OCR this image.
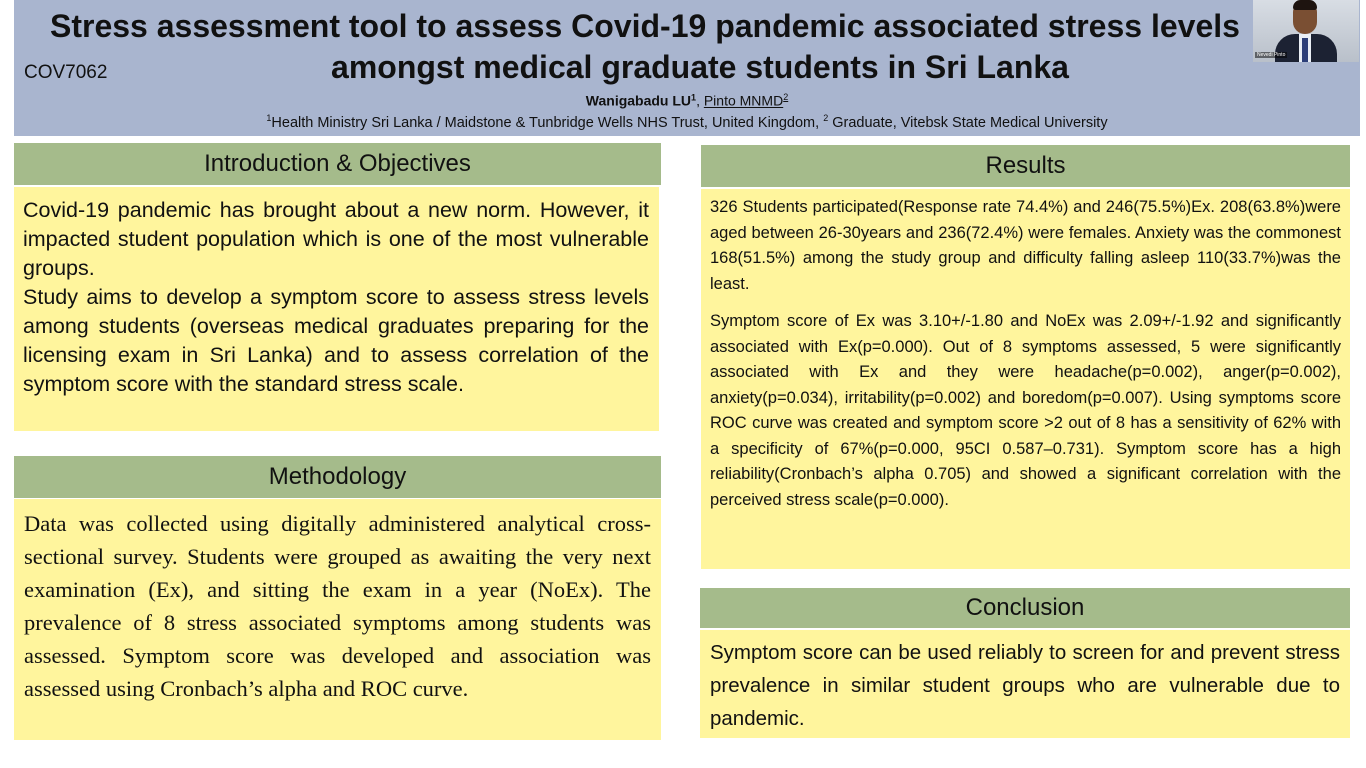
COV7062
Stress assessment tool to assess Covid-19 pandemic associated stress levels
amongst medical graduate students in Sri Lanka
Wanigabadu $LU^1$, Pinto MNMD$^2$
$^1$Health Ministry Sri Lanka / Maidstone & Tunbridge Wells NHS Trust, United Kingdom, $^2$ Graduate, Vitebsk State Medical University
Nevedi Pinto
Introduction & Objectives

Covid-19 pandemic has brought about a new norm. However, it impacted student population which is one of the most vulnerable groups.

Study aims to develop a symptom score to assess stress levels among students (overseas medical graduates preparing for the licensing exam in Sri Lanka) and to assess correlation of the symptom score with the standard stress scale.

Methodology

Data was collected using digitally administered analytical cross-sectional survey. Students were grouped as awaiting the very next examination (Ex), and sitting the exam in a year (NoEx). The prevalence of 8 stress associated symptoms among students was assessed. Symptom score was developed and association was assessed using Cronbach’s alpha and ROC curve.

Results

326 Students participated(Response rate 74.4%) and 246(75.5%)Ex. 208(63.8%)were aged between 26-30years and 236(72.4%) were females. Anxiety was the commonest 168(51.5%) among the study group and difficulty falling asleep 110(33.7%)was the least.

Symptom score of Ex was 3.10+/-1.80 and NoEx was 2.09+/-1.92 and significantly associated with Ex(p=0.000). Out of 8 symptoms assessed, 5 were significantly associated with Ex and they were headache(p=0.002), anger(p=0.002), anxiety(p=0.034), irritability(p=0.002) and boredom(p=0.007). Using symptoms score ROC curve was created and symptom score >2 out of 8 has a sensitivity of 62% with a specificity of 67%(p=0.000, 95CI 0.587–0.731). Symptom score has a high reliability(Cronbach’s alpha 0.705) and showed a significant correlation with the perceived stress scale(p=0.000).

Conclusion

Symptom score can be used reliably to screen for and prevent stress prevalence in similar student groups who are vulnerable due to pandemic.
